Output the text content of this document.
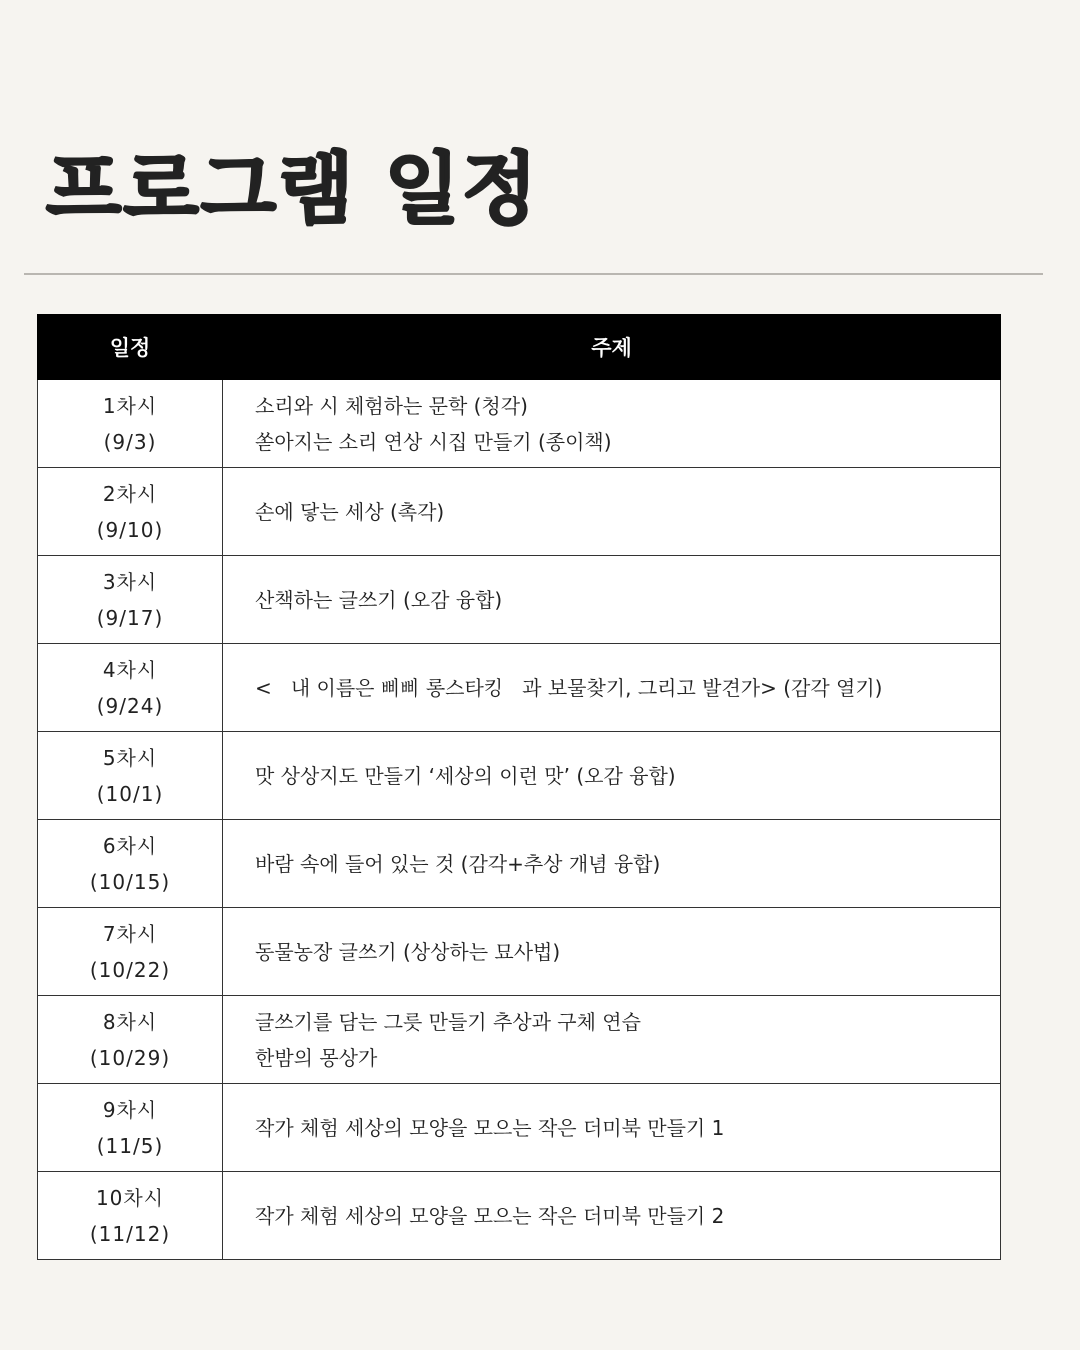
프로그램 일정
일정	주제

1차시
(9/3)	소리와 시 체험하는 문학 (청각)
쏟아지는 소리 연상 시집 만들기 (종이책)

2차시
(9/10)	손에 닿는 세상 (촉각)

3차시
(9/17)	산책하는 글쓰기 (오감 융합)

4차시
(9/24)	<   내 이름은 삐삐 롱스타킹   과 보물찾기, 그리고 발견가> (감각 열기)

5차시
(10/1)	맛 상상지도 만들기 ‘세상의 이런 맛’ (오감 융합)

6차시
(10/15)	바람 속에 들어 있는 것 (감각+추상 개념 융합)

7차시
(10/22)	동물농장 글쓰기 (상상하는 묘사법)

8차시
(10/29)	글쓰기를 담는 그릇 만들기 추상과 구체 연습
한밤의 몽상가

9차시
(11/5)	작가 체험 세상의 모양을 모으는 작은 더미북 만들기 1

10차시
(11/12)	작가 체험 세상의 모양을 모으는 작은 더미북 만들기 2
